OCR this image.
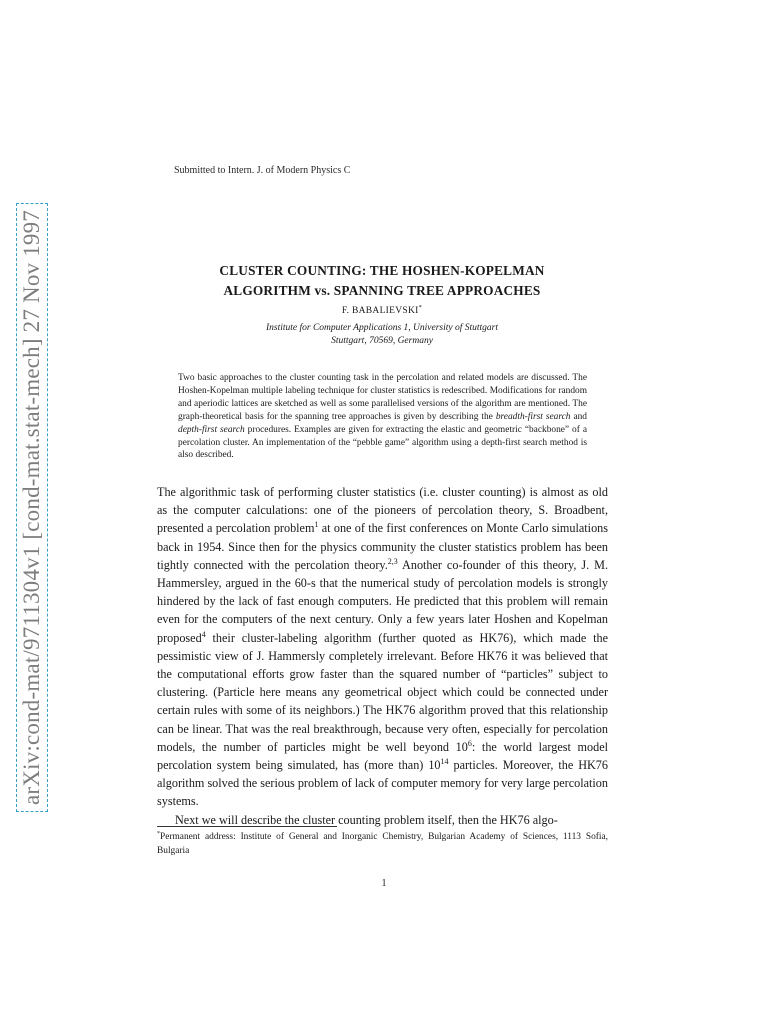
arXiv:cond-mat/9711304v1 [cond-mat.stat-mech] 27 Nov 1997
Submitted to Intern. J. of Modern Physics C
CLUSTER COUNTING: THE HOSHEN-KOPELMAN
ALGORITHM vs. SPANNING TREE APPROACHES
F. BABALIEVSKI*
Institute for Computer Applications 1, University of Stuttgart
Stuttgart, 70569, Germany
Two basic approaches to the cluster counting task in the percolation and related models are discussed. The Hoshen-Kopelman multiple labeling technique for cluster statistics is redescribed. Modifications for random and aperiodic lattices are sketched as well as some parallelised versions of the algorithm are mentioned. The graph-theoretical basis for the spanning tree approaches is given by describing the breadth-first search and depth-first search procedures. Examples are given for extracting the elastic and geometric “backbone” of a percolation cluster. An implementation of the “pebble game” algorithm using a depth-first search method is also described.

The algorithmic task of performing cluster statistics (i.e. cluster counting) is almost as old as the computer calculations: one of the pioneers of percolation theory, S. Broadbent, presented a percolation problem$^1$ at one of the first conferences on Monte Carlo simulations back in 1954. Since then for the physics community the cluster statistics problem has been tightly connected with the percolation theory.$^{2,3}$ Another co-founder of this theory, J. M. Hammersley, argued in the 60-s that the numerical study of percolation models is strongly hindered by the lack of fast enough computers. He predicted that this problem will remain even for the computers of the next century. Only a few years later Hoshen and Kopelman proposed$^4$ their cluster-labeling algorithm (further quoted as HK76), which made the pessimistic view of J. Hammersly completely irrelevant. Before HK76 it was believed that the computational efforts grow faster than the squared number of “particles” subject to clustering. (Particle here means any geometrical object which could be connected under certain rules with some of its neighbors.) The HK76 algorithm proved that this relationship can be linear. That was the real breakthrough, because very often, especially for percolation models, the number of particles might be well beyond $10^6$: the world largest model percolation system being simulated, has (more than) $10^{14}$ particles. Moreover, the HK76 algorithm solved the serious problem of lack of computer memory for very large percolation systems.

Next we will describe the cluster counting problem itself, then the HK76 algo-

*Permanent address: Institute of General and Inorganic Chemistry, Bulgarian Academy of Sciences, 1113 Sofia, Bulgaria
1
